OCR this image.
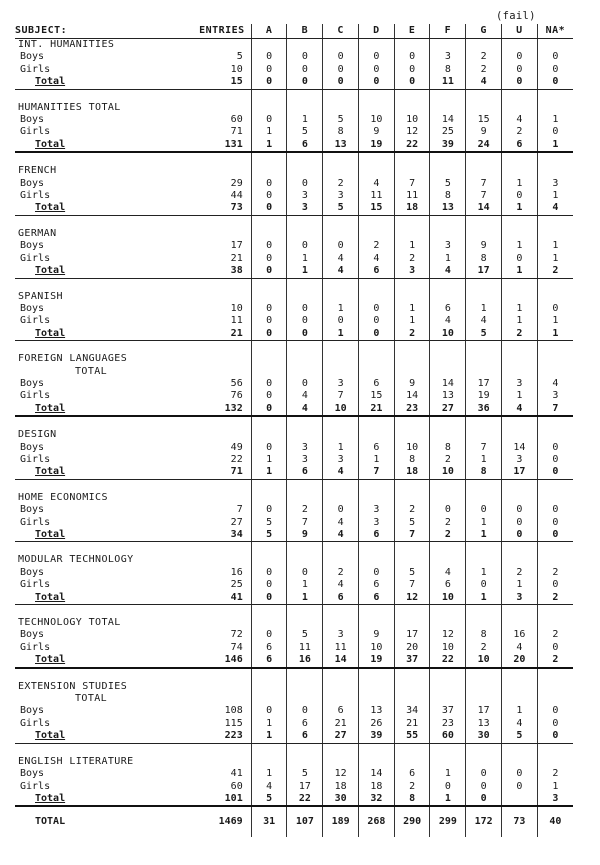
(fail)
SUBJECT:	ENTRIES	A	B	C	D	E	F	G	U	NA*
INT. HUMANITIES										
Boys	5	0	0	0	0	0	3	2	0	0
Girls	10	0	0	0	0	0	8	2	0	0
Total	15	0	0	0	0	0	11	4	0	0

HUMANITIES TOTAL										
Boys	60	0	1	5	10	10	14	15	4	1
Girls	71	1	5	8	9	12	25	9	2	0
Total	131	1	6	13	19	22	39	24	6	1

FRENCH										
Boys	29	0	0	2	4	7	5	7	1	3
Girls	44	0	3	3	11	11	8	7	0	1
Total	73	0	3	5	15	18	13	14	1	4

GERMAN										
Boys	17	0	0	0	2	1	3	9	1	1
Girls	21	0	1	4	4	2	1	8	0	1
Total	38	0	1	4	6	3	4	17	1	2

SPANISH										
Boys	10	0	0	1	0	1	6	1	1	0
Girls	11	0	0	0	0	1	4	4	1	1
Total	21	0	0	1	0	2	10	5	2	1

FOREIGN LANGUAGES										
TOTAL										
Boys	56	0	0	3	6	9	14	17	3	4
Girls	76	0	4	7	15	14	13	19	1	3
Total	132	0	4	10	21	23	27	36	4	7

DESIGN										
Boys	49	0	3	1	6	10	8	7	14	0
Girls	22	1	3	3	1	8	2	1	3	0
Total	71	1	6	4	7	18	10	8	17	0

HOME ECONOMICS										
Boys	7	0	2	0	3	2	0	0	0	0
Girls	27	5	7	4	3	5	2	1	0	0
Total	34	5	9	4	6	7	2	1	0	0

MODULAR TECHNOLOGY										
Boys	16	0	0	2	0	5	4	1	2	2
Girls	25	0	1	4	6	7	6	0	1	0
Total	41	0	1	6	6	12	10	1	3	2

TECHNOLOGY TOTAL										
Boys	72	0	5	3	9	17	12	8	16	2
Girls	74	6	11	11	10	20	10	2	4	0
Total	146	6	16	14	19	37	22	10	20	2

EXTENSION STUDIES										
TOTAL										
Boys	108	0	0	6	13	34	37	17	1	0
Girls	115	1	6	21	26	21	23	13	4	0
Total	223	1	6	27	39	55	60	30	5	0

ENGLISH LITERATURE										
Boys	41	1	5	12	14	6	1	0	0	2
Girls	60	4	17	18	18	2	0	0	0	1
Total	101	5	22	30	32	8	1	0		3
TOTAL	1469	31	107	189	268	290	299	172	73	40
